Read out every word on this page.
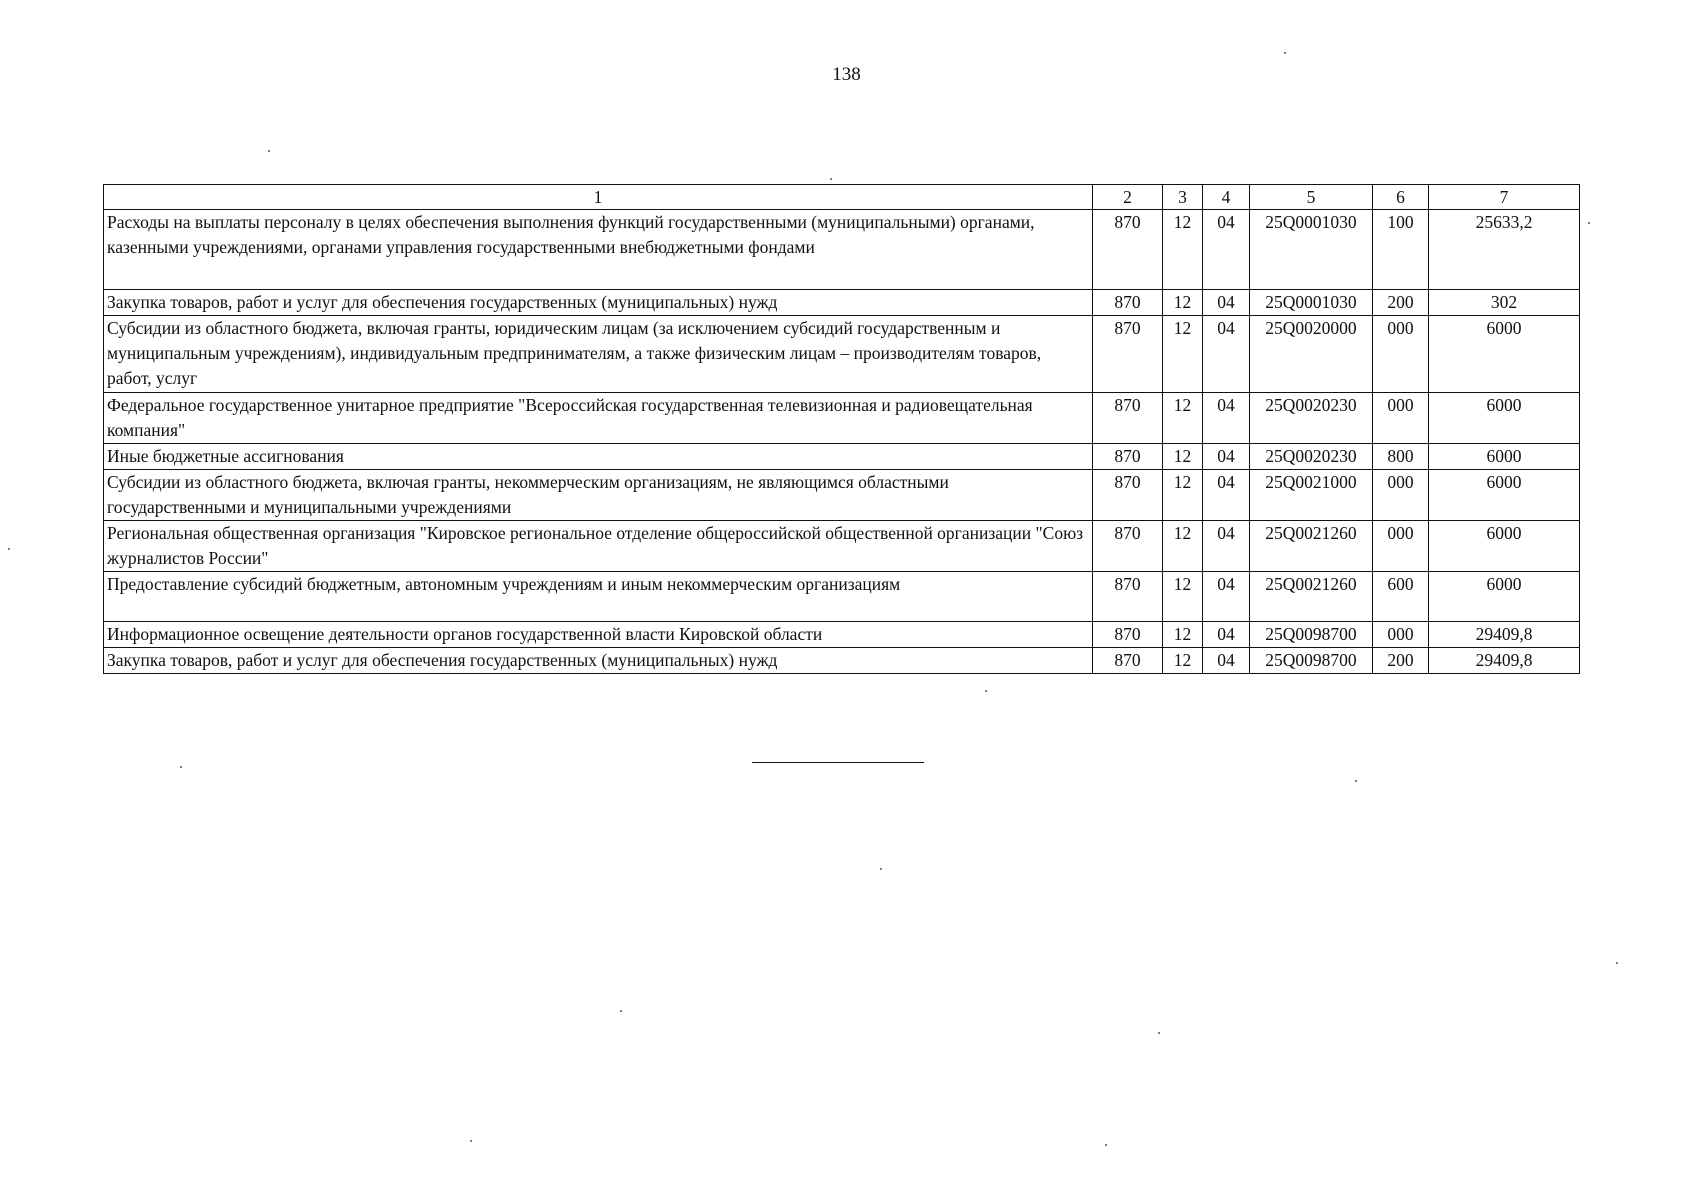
138
1	2	3	4	5	6	7
Расходы на выплаты персоналу в целях обеспечения выполнения функций государственными (муниципальными) органами, казенными учреждениями, органами управления государственными внебюджетными фондами	870	12	04	25Q0001030	100	25633,2
Закупка товаров, работ и услуг для обеспечения государственных (муниципальных) нужд	870	12	04	25Q0001030	200	302
Субсидии из областного бюджета, включая гранты, юридическим лицам (за исключением субсидий государственным и муниципальным учреждениям), индивидуальным предпринимателям, а также физическим лицам – производителям товаров, работ, услуг	870	12	04	25Q0020000	000	6000
Федеральное государственное унитарное предприятие "Всероссийская государственная телевизионная и радиовещательная компания"	870	12	04	25Q0020230	000	6000
Иные бюджетные ассигнования	870	12	04	25Q0020230	800	6000
Субсидии из областного бюджета, включая гранты, некоммерческим организациям, не являющимся областными государственными и муниципальными учреждениями	870	12	04	25Q0021000	000	6000
Региональная общественная организация "Кировское региональное отделение общероссийской общественной организации "Союз журналистов России"	870	12	04	25Q0021260	000	6000
Предоставление субсидий бюджетным, автономным учреждениям и иным некоммерческим организациям	870	12	04	25Q0021260	600	6000
Информационное освещение деятельности органов государственной власти Кировской области	870	12	04	25Q0098700	000	29409,8
Закупка товаров, работ и услуг для обеспечения государственных (муниципальных) нужд	870	12	04	25Q0098700	200	29409,8
